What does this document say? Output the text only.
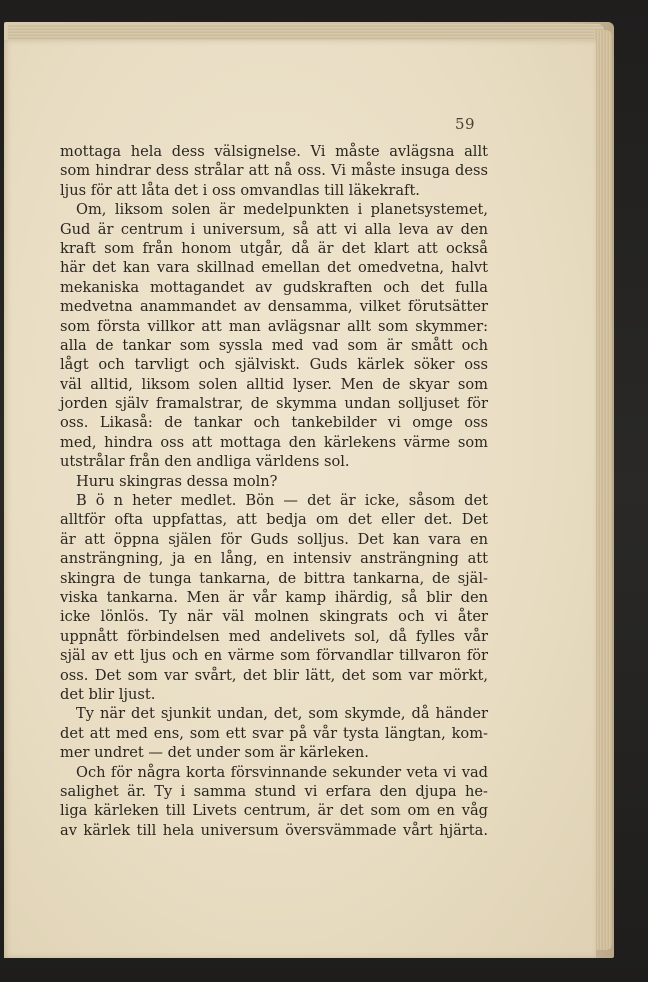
59
mottaga hela dess välsignelse. Vi måste avlägsna allt
som hindrar dess strålar att nå oss. Vi måste insuga dess
ljus för att låta det i oss omvandlas till läkekraft.
Om, liksom solen är medelpunkten i planetsystemet,
Gud är centrum i universum, så att vi alla leva av den
kraft som från honom utgår, då är det klart att också
här det kan vara skillnad emellan det omedvetna, halvt
mekaniska mottagandet av gudskraften och det fulla
medvetna anammandet av densamma, vilket förutsätter
som första villkor att man avlägsnar allt som skymmer:
alla de tankar som syssla med vad som är smått och
lågt och tarvligt och själviskt. Guds kärlek söker oss
väl alltid, liksom solen alltid lyser. Men de skyar som
jorden själv framalstrar, de skymma undan solljuset för
oss. Likaså: de tankar och tankebilder vi omge oss
med, hindra oss att mottaga den kärlekens värme som
utstrålar från den andliga världens sol.
Huru skingras dessa moln?
B ö n heter medlet. Bön — det är icke, såsom det
alltför ofta uppfattas, att bedja om det eller det. Det
är att öppna själen för Guds solljus. Det kan vara en
ansträngning, ja en lång, en intensiv ansträngning att
skingra de tunga tankarna, de bittra tankarna, de själ-
viska tankarna. Men är vår kamp ihärdig, så blir den
icke lönlös. Ty när väl molnen skingrats och vi åter
uppnått förbindelsen med andelivets sol, då fylles vår
själ av ett ljus och en värme som förvandlar tillvaron för
oss. Det som var svårt, det blir lätt, det som var mörkt,
det blir ljust.
Ty när det sjunkit undan, det, som skymde, då händer
det att med ens, som ett svar på vår tysta längtan, kom-
mer undret — det under som är kärleken.
Och för några korta försvinnande sekunder veta vi vad
salighet är. Ty i samma stund vi erfara den djupa he-
liga kärleken till Livets centrum, är det som om en våg
av kärlek till hela universum översvämmade vårt hjärta.
